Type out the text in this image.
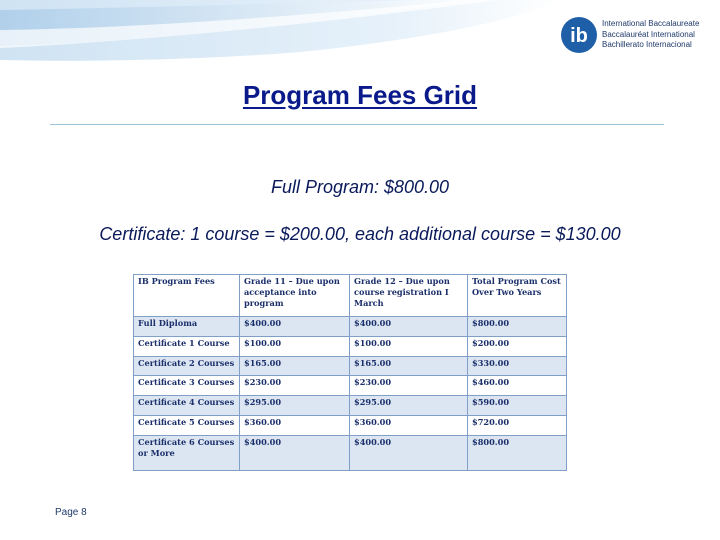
ib
International Baccalaureate
Baccalauréat International
Bachillerato Internacional
Program Fees Grid
Full Program: $800.00
Certificate: 1 course = $200.00, each additional course = $130.00
IB Program Fees	Grade 11 – Due upon acceptance into program	Grade 12 – Due upon course registration I March	Total Program Cost Over Two Years
Full Diploma	$400.00	$400.00	$800.00
Certificate 1 Course	$100.00	$100.00	$200.00
Certificate 2 Courses	$165.00	$165.00	$330.00
Certificate 3 Courses	$230.00	$230.00	$460.00
Certificate 4 Courses	$295.00	$295.00	$590.00
Certificate 5 Courses	$360.00	$360.00	$720.00
Certificate 6 Courses or More	$400.00	$400.00	$800.00
Page 8
